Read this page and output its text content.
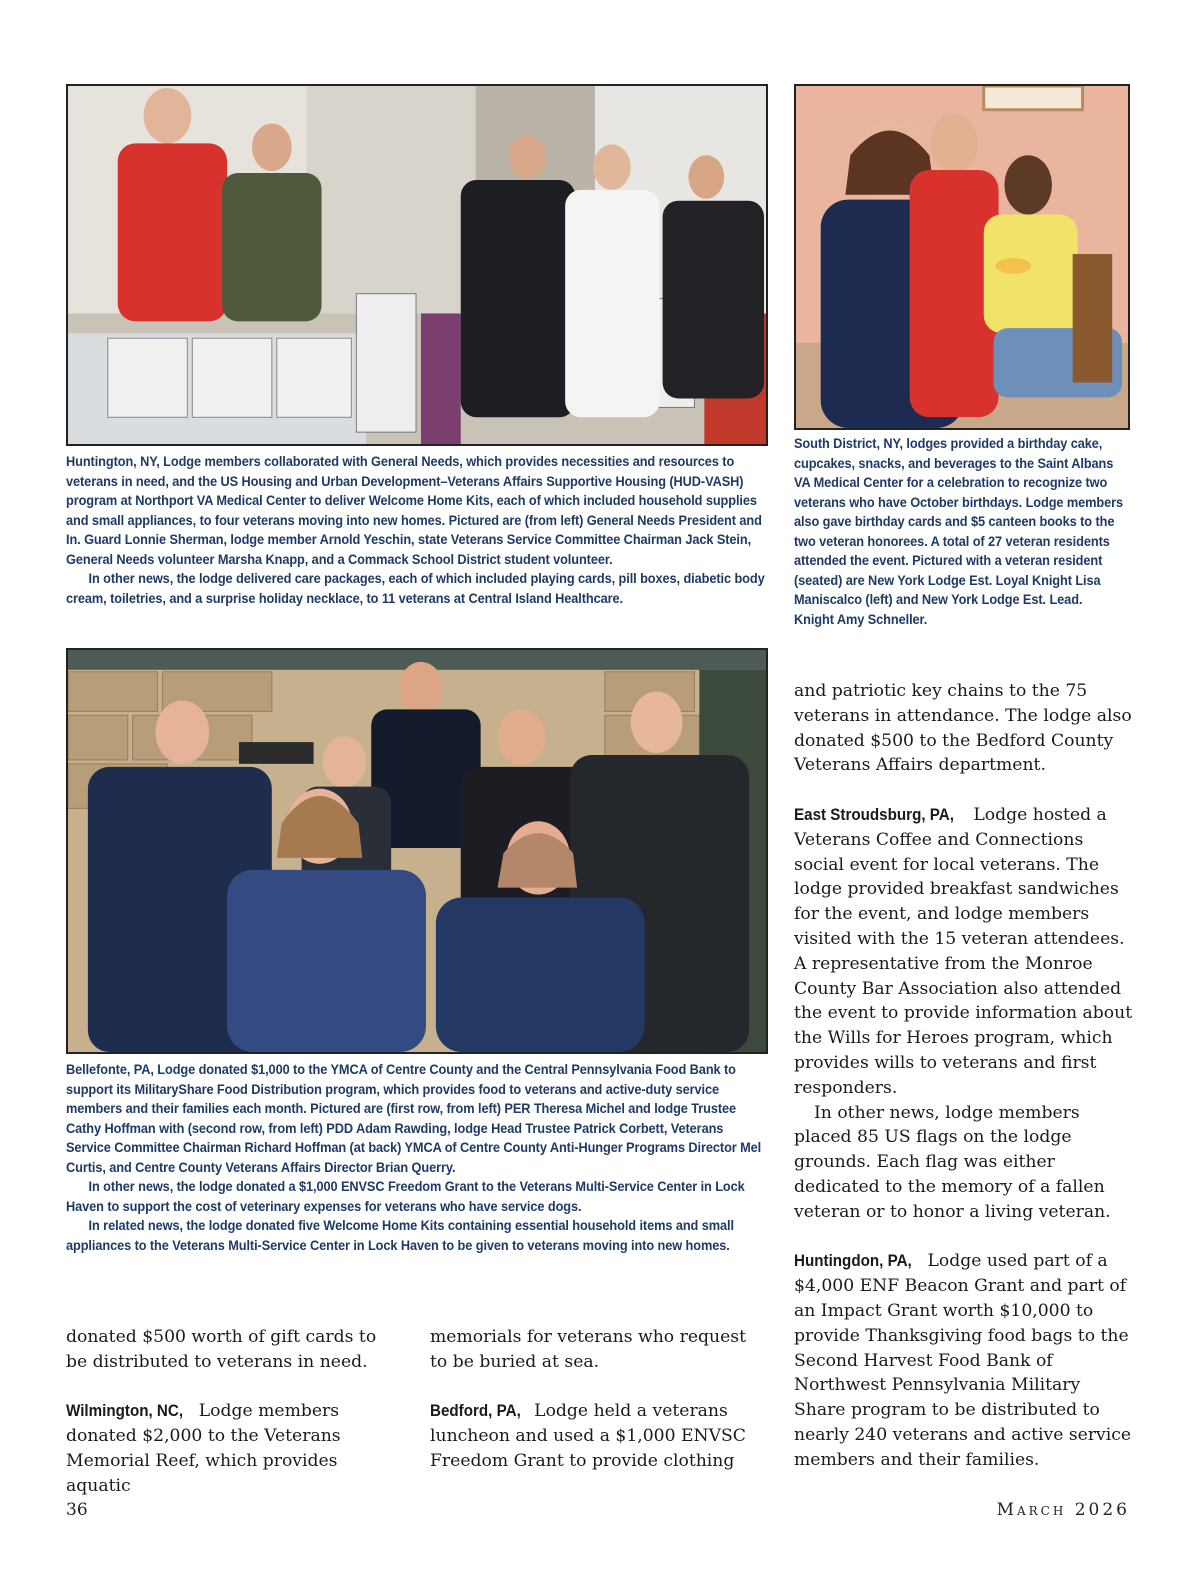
Huntington, NY, Lodge members collaborated with General Needs, which provides necessities and resources to veterans in need, and the US Housing and Urban Development–Veterans Affairs Supportive Housing (HUD-VASH) program at Northport VA Medical Center to deliver Welcome Home Kits, each of which included household supplies and small appliances, to four veterans moving into new homes. Pictured are (from left) General Needs President and In. Guard Lonnie Sherman, lodge member Arnold Yeschin, state Veterans Service Committee Chairman Jack Stein, General Needs volunteer Marsha Knapp, and a Commack School District student volunteer.

In other news, the lodge delivered care packages, each of which included playing cards, pill boxes, diabetic body cream, toiletries, and a surprise holiday necklace, to 11 veterans at Central Island Healthcare.

South District, NY, lodges provided a birthday cake, cupcakes, snacks, and beverages to the Saint Albans VA Medical Center for a celebration to recognize two veterans who have October birthdays. Lodge members also gave birthday cards and $5 canteen books to the two veteran honorees. A total of 27 veteran residents attended the event. Pictured with a veteran resident (seated) are New York Lodge Est. Loyal Knight Lisa Maniscalco (left) and New York Lodge Est. Lead. Knight Amy Schneller.

Bellefonte, PA, Lodge donated $1,000 to the YMCA of Centre County and the Central Pennsylvania Food Bank to support its MilitaryShare Food Distribution program, which provides food to veterans and active-duty service members and their families each month. Pictured are (first row, from left) PER Theresa Michel and lodge Trustee Cathy Hoffman with (second row, from left) PDD Adam Rawding, lodge Head Trustee Patrick Corbett, Veterans Service Committee Chairman Richard Hoffman (at back) YMCA of Centre County Anti-Hunger Programs Director Mel Curtis, and Centre County Veterans Affairs Director Brian Querry.

In other news, the lodge donated a $1,000 ENVSC Freedom Grant to the Veterans Multi-Service Center in Lock Haven to support the cost of veterinary expenses for veterans who have service dogs.

In related news, the lodge donated five Welcome Home Kits containing essential household items and small appliances to the Veterans Multi-Service Center in Lock Haven to be given to veterans moving into new homes.

donated $500 worth of gift cards to be distributed to veterans in need.

Wilmington, NC, Lodge members donated $2,000 to the Veterans Memorial Reef, which provides aquatic

memorials for veterans who request to be buried at sea.

Bedford, PA, Lodge held a veterans luncheon and used a $1,000 ENVSC Freedom Grant to provide clothing

and patriotic key chains to the 75 veterans in attendance. The lodge also donated $500 to the Bedford County Veterans Affairs department.

East Stroudsburg, PA, Lodge hosted a Veterans Coffee and Connections social event for local veterans. The lodge provided breakfast sandwiches for the event, and lodge members visited with the 15 veteran attendees. A representative from the Monroe County Bar Association also attended the event to provide information about the Wills for Heroes program, which provides wills to veterans and first responders.

In other news, lodge members placed 85 US flags on the lodge grounds. Each flag was either dedicated to the memory of a fallen veteran or to honor a living veteran.

Huntingdon, PA, Lodge used part of a $4,000 ENF Beacon Grant and part of an Impact Grant worth $10,000 to provide Thanksgiving food bags to the Second Harvest Food Bank of Northwest Pennsylvania Military Share program to be distributed to nearly 240 veterans and active service members and their families.

36	March 2026
